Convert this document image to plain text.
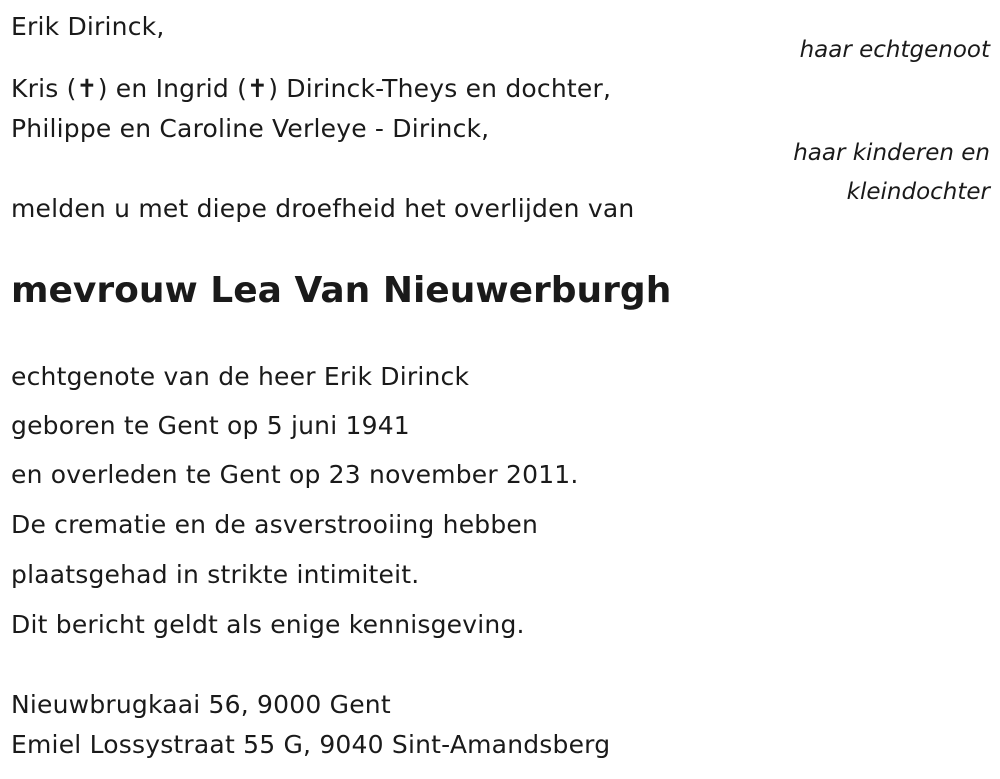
Erik Dirinck,
haar echtgenoot
Kris (✝) en Ingrid (✝) Dirinck-Theys en dochter,
Philippe en Caroline Verleye - Dirinck,
haar kinderen en
kleindochter
melden u met diepe droefheid het overlijden van
mevrouw Lea Van Nieuwerburgh
echtgenote van de heer Erik Dirinck
geboren te Gent op 5 juni 1941
en overleden te Gent op 23 november 2011.
De crematie en de asverstrooiing hebben
plaatsgehad in strikte intimiteit.
Dit bericht geldt als enige kennisgeving.
Nieuwbrugkaai 56, 9000 Gent
Emiel Lossystraat 55 G, 9040 Sint-Amandsberg
